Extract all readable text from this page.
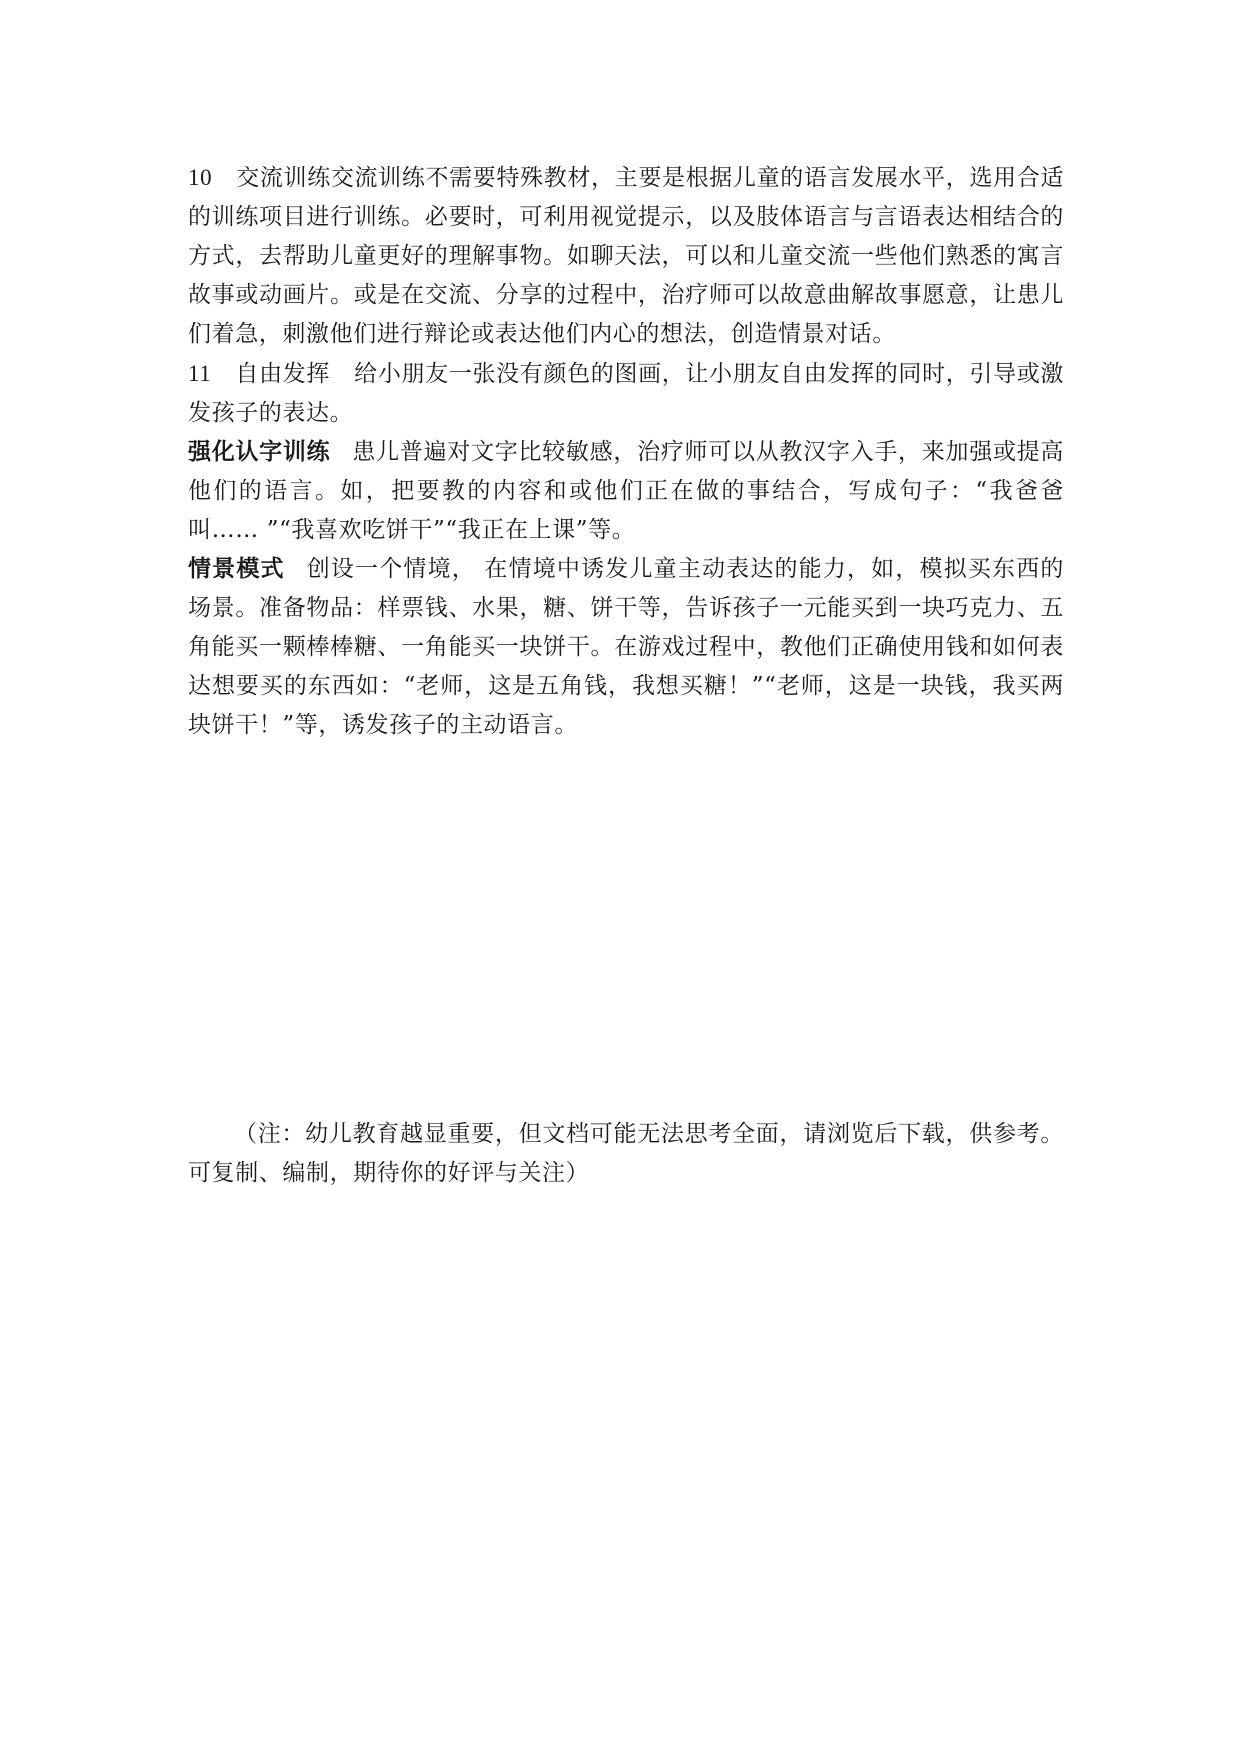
10 交流训练交流训练不需要特殊教材，主要是根据儿童的语言发展水平，选用合适的训练项目进行训练。必要时，可利用视觉提示，以及肢体语言与言语表达相结合的方式，去帮助儿童更好的理解事物。如聊天法，可以和儿童交流一些他们熟悉的寓言故事或动画片。或是在交流、分享的过程中，治疗师可以故意曲解故事愿意，让患儿们着急，刺激他们进行辩论或表达他们内心的想法，创造情景对话。

11 自由发挥 给小朋友一张没有颜色的图画，让小朋友自由发挥的同时，引导或激发孩子的表达。

强化认字训练 患儿普遍对文字比较敏感，治疗师可以从教汉字入手，来加强或提高他们的语言。如，把要教的内容和或他们正在做的事结合，写成句子：“我爸爸叫…… ”“我喜欢吃饼干”“我正在上课”等。

情景模式 创设一个情境， 在情境中诱发儿童主动表达的能力，如，模拟买东西的场景。准备物品：样票钱、水果，糖、饼干等，告诉孩子一元能买到一块巧克力、五角能买一颗棒棒糖、一角能买一块饼干。在游戏过程中，教他们正确使用钱和如何表达想要买的东西如：“老师，这是五角钱，我想买糖！”“老师，这是一块钱，我买两块饼干！”等，诱发孩子的主动语言。

（注：幼儿教育越显重要，但文档可能无法思考全面，请浏览后下载，供参考。可复制、编制，期待你的好评与关注）
